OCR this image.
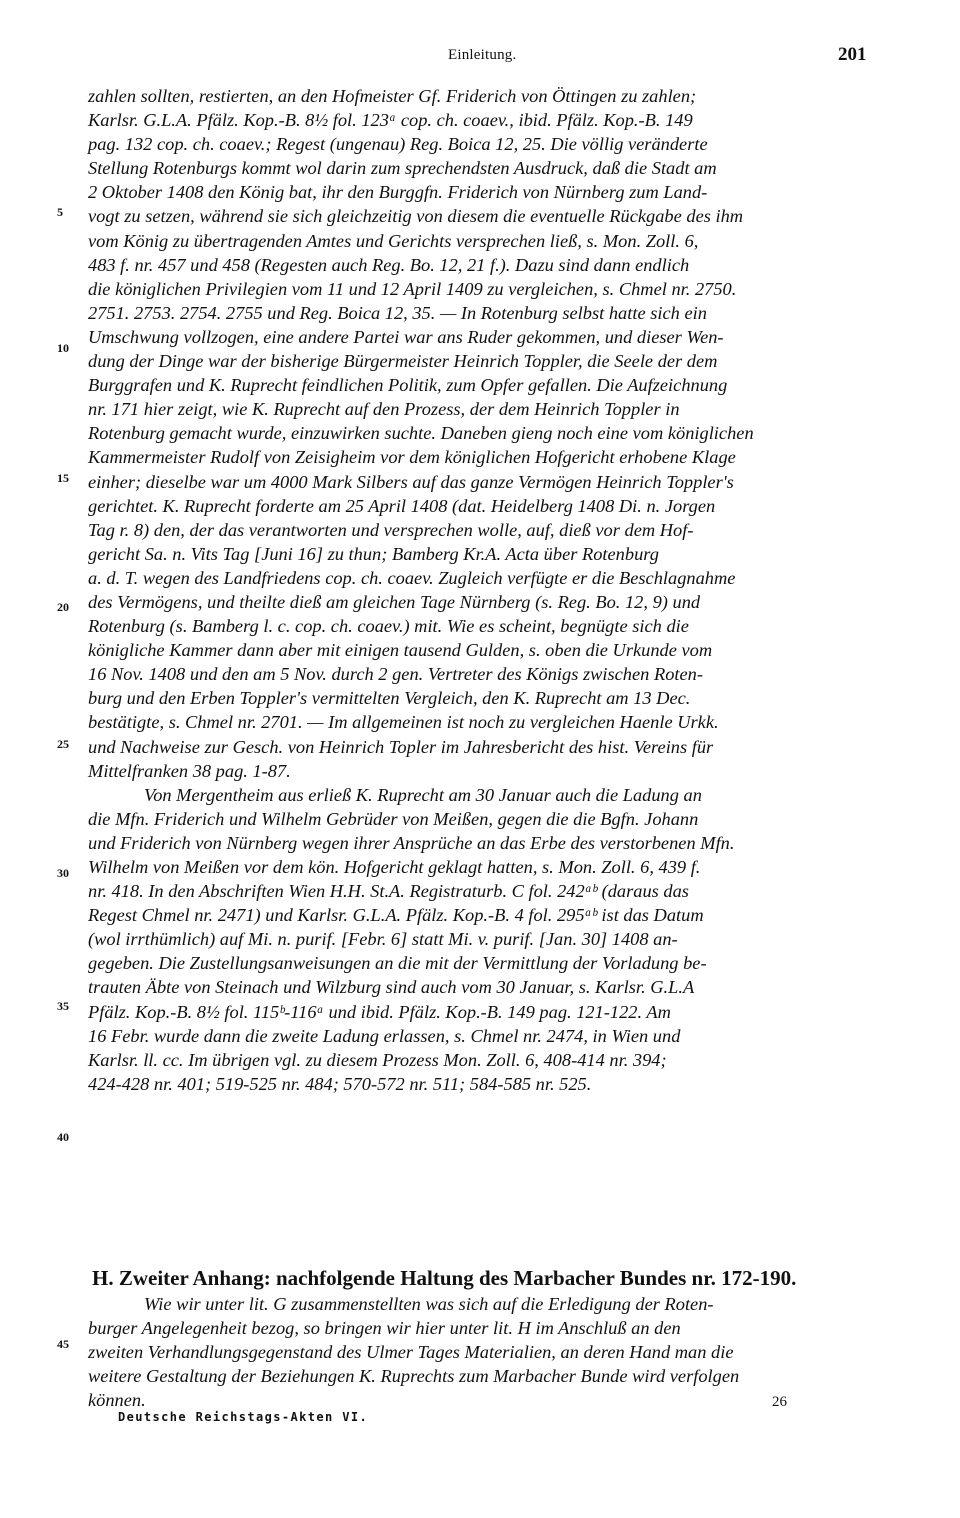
Einleitung.	201
zahlen sollten, restierten, an den Hofmeister Gf. Friderich von Öttingen zu zahlen;
Karlsr. G.L.A. Pfälz. Kop.-B. 8½ fol. 123ᵃ cop. ch. coaev., ibid. Pfälz. Kop.-B. 149
pag. 132 cop. ch. coaev.; Regest (ungenau) Reg. Boica 12, 25. Die völlig veränderte
Stellung Rotenburgs kommt wol darin zum sprechendsten Ausdruck, daß die Stadt am
2 Oktober 1408 den König bat, ihr den Burggfn. Friderich von Nürnberg zum Land-
vogt zu setzen, während sie sich gleichzeitig von diesem die eventuelle Rückgabe des ihm
vom König zu übertragenden Amtes und Gerichts versprechen ließ, s. Mon. Zoll. 6,
483 f. nr. 457 und 458 (Regesten auch Reg. Bo. 12, 21 f.). Dazu sind dann endlich
die königlichen Privilegien vom 11 und 12 April 1409 zu vergleichen, s. Chmel nr. 2750.
2751. 2753. 2754. 2755 und Reg. Boica 12, 35. — In Rotenburg selbst hatte sich ein
Umschwung vollzogen, eine andere Partei war ans Ruder gekommen, und dieser Wen-
dung der Dinge war der bisherige Bürgermeister Heinrich Toppler, die Seele der dem
Burggrafen und K. Ruprecht feindlichen Politik, zum Opfer gefallen. Die Aufzeichnung
nr. 171 hier zeigt, wie K. Ruprecht auf den Prozess, der dem Heinrich Toppler in
Rotenburg gemacht wurde, einzuwirken suchte. Daneben gieng noch eine vom königlichen
Kammermeister Rudolf von Zeisigheim vor dem königlichen Hofgericht erhobene Klage
einher; dieselbe war um 4000 Mark Silbers auf das ganze Vermögen Heinrich Toppler's
gerichtet. K. Ruprecht forderte am 25 April 1408 (dat. Heidelberg 1408 Di. n. Jorgen
Tag r. 8) den, der das verantworten und versprechen wolle, auf, dieß vor dem Hof-
gericht Sa. n. Vits Tag [Juni 16] zu thun; Bamberg Kr.A. Acta über Rotenburg
a. d. T. wegen des Landfriedens cop. ch. coaev. Zugleich verfügte er die Beschlagnahme
des Vermögens, und theilte dieß am gleichen Tage Nürnberg (s. Reg. Bo. 12, 9) und
Rotenburg (s. Bamberg l. c. cop. ch. coaev.) mit. Wie es scheint, begnügte sich die
königliche Kammer dann aber mit einigen tausend Gulden, s. oben die Urkunde vom
16 Nov. 1408 und den am 5 Nov. durch 2 gen. Vertreter des Königs zwischen Roten-
burg und den Erben Toppler's vermittelten Vergleich, den K. Ruprecht am 13 Dec.
bestätigte, s. Chmel nr. 2701. — Im allgemeinen ist noch zu vergleichen Haenle Urkk.
und Nachweise zur Gesch. von Heinrich Topler im Jahresbericht des hist. Vereins für
Mittelfranken 38 pag. 1-87.
Von Mergentheim aus erließ K. Ruprecht am 30 Januar auch die Ladung an
die Mfn. Friderich und Wilhelm Gebrüder von Meißen, gegen die die Bgfn. Johann
und Friderich von Nürnberg wegen ihrer Ansprüche an das Erbe des verstorbenen Mfn.
Wilhelm von Meißen vor dem kön. Hofgericht geklagt hatten, s. Mon. Zoll. 6, 439 f.
nr. 418. In den Abschriften Wien H.H. St.A. Registraturb. C fol. 242ᵃᵇ (daraus das
Regest Chmel nr. 2471) und Karlsr. G.L.A. Pfälz. Kop.-B. 4 fol. 295ᵃᵇ ist das Datum
(wol irrthümlich) auf Mi. n. purif. [Febr. 6] statt Mi. v. purif. [Jan. 30] 1408 an-
gegeben. Die Zustellungsanweisungen an die mit der Vermittlung der Vorladung be-
trauten Äbte von Steinach und Wilzburg sind auch vom 30 Januar, s. Karlsr. G.L.A
Pfälz. Kop.-B. 8½ fol. 115ᵇ-116ᵃ und ibid. Pfälz. Kop.-B. 149 pag. 121-122. Am
16 Febr. wurde dann die zweite Ladung erlassen, s. Chmel nr. 2474, in Wien und
Karlsr. ll. cc. Im übrigen vgl. zu diesem Prozess Mon. Zoll. 6, 408-414 nr. 394;
424-428 nr. 401; 519-525 nr. 484; 570-572 nr. 511; 584-585 nr. 525.
5
10
15
20
25
30
35
40
H. Zweiter Anhang: nachfolgende Haltung des Marbacher Bundes nr. 172-190.
Wie wir unter lit. G zusammenstellten was sich auf die Erledigung der Roten-
burger Angelegenheit bezog, so bringen wir hier unter lit. H im Anschluß an den
zweiten Verhandlungsgegenstand des Ulmer Tages Materialien, an deren Hand man die
weitere Gestaltung der Beziehungen K. Ruprechts zum Marbacher Bunde wird verfolgen
können.
45
26
Deutsche Reichstags-Akten VI.
